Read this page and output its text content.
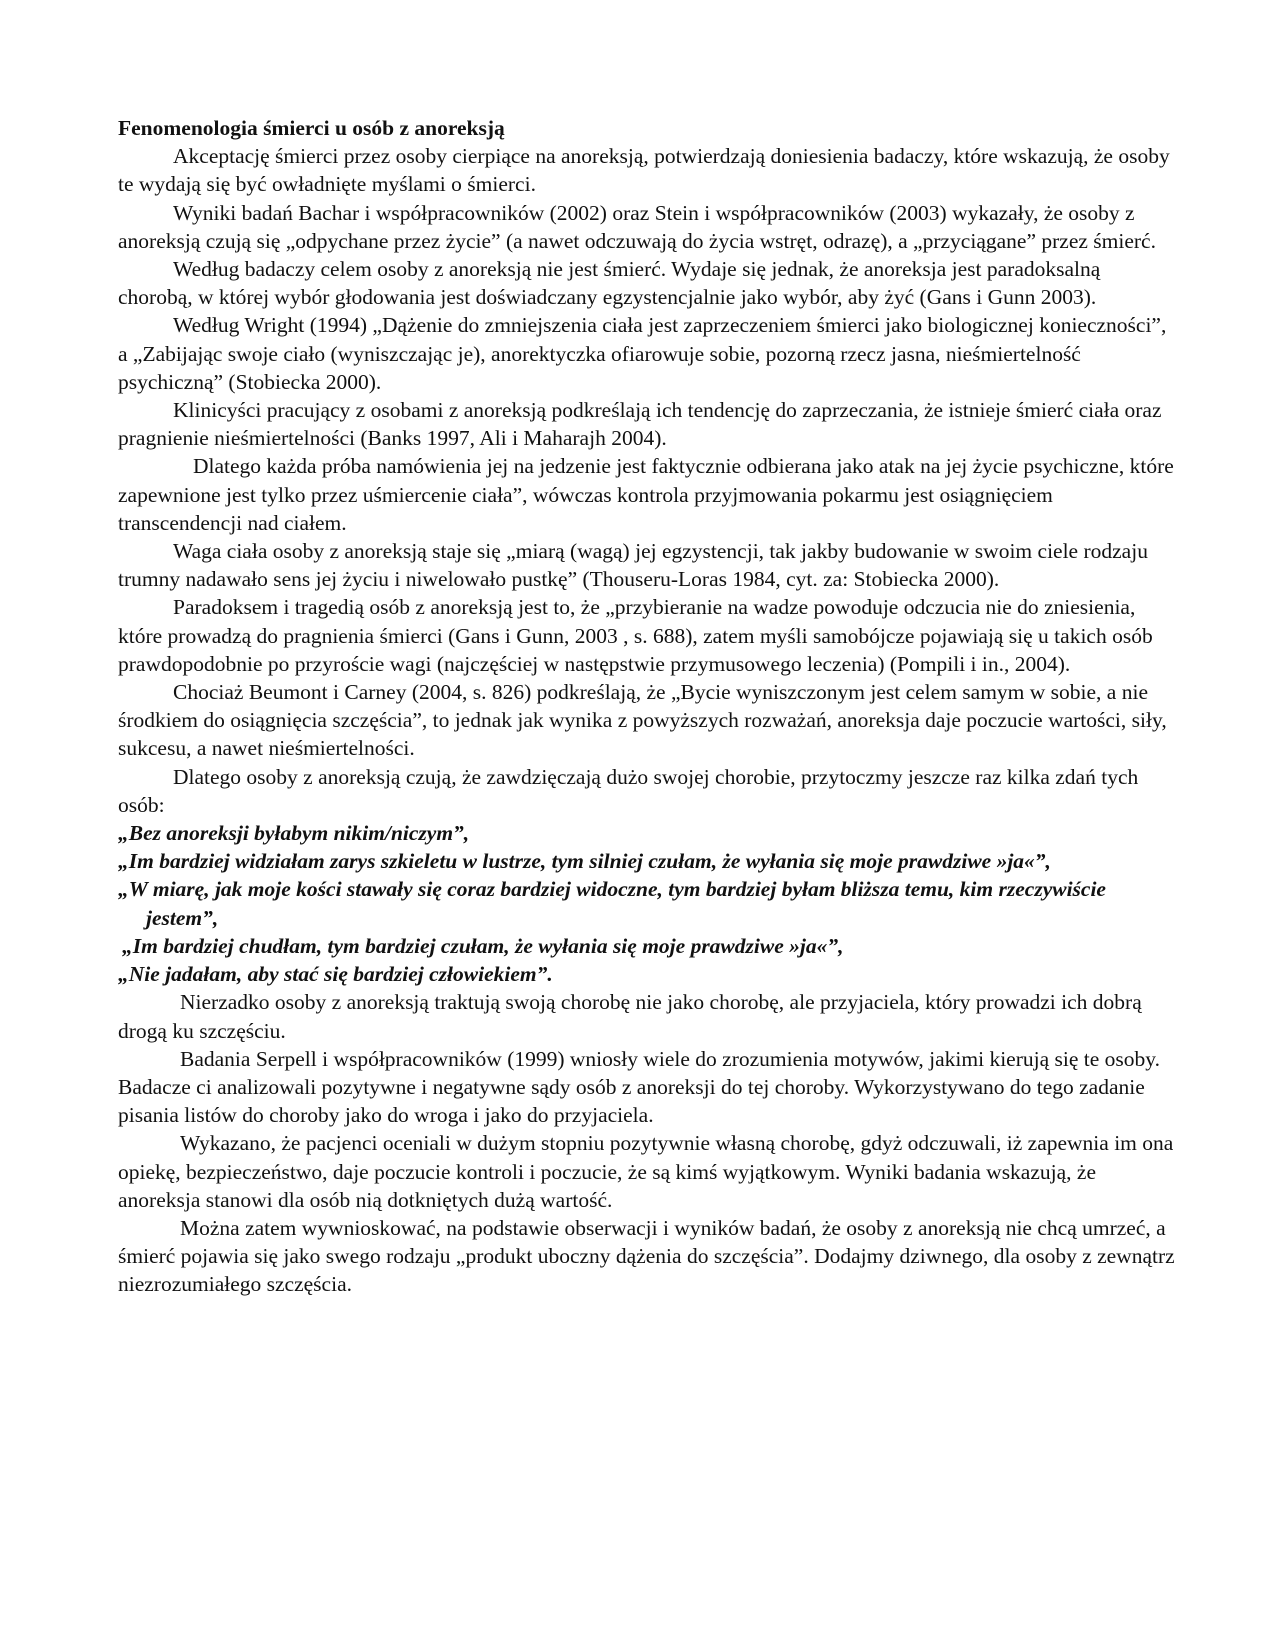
Fenomenologia śmierci u osób z anoreksją

Akceptację śmierci przez osoby cierpiące na anoreksją, potwierdzają doniesienia badaczy, które wskazują, że osoby te wydają się być owładnięte myślami o śmierci.

Wyniki badań Bachar i współpracowników (2002) oraz Stein i współpracowników (2003) wykazały, że osoby z anoreksją czują się „odpychane przez życie” (a nawet odczuwają do życia wstręt, odrazę), a „przyciągane” przez śmierć.

Według badaczy celem osoby z anoreksją nie jest śmierć. Wydaje się jednak, że anoreksja jest paradoksalną chorobą, w której wybór głodowania jest doświadczany egzystencjalnie jako wybór, aby żyć (Gans i Gunn 2003).

Według Wright (1994) „Dążenie do zmniejszenia ciała jest zaprzeczeniem śmierci jako biologicznej konieczności”, a „Zabijając swoje ciało (wyniszczając je), anorektyczka ofiarowuje sobie, pozorną rzecz jasna, nieśmiertelność psychiczną” (Stobiecka 2000).

Klinicyści pracujący z osobami z anoreksją podkreślają ich tendencję do zaprzeczania, że istnieje śmierć ciała oraz pragnienie nieśmiertelności (Banks 1997, Ali i Maharajh 2004).

Dlatego każda próba namówienia jej na jedzenie jest faktycznie odbierana jako atak na jej życie psychiczne, które zapewnione jest tylko przez uśmiercenie ciała”, wówczas kontrola przyjmowania pokarmu jest osiągnięciem transcendencji nad ciałem.

Waga ciała osoby z anoreksją staje się „miarą (wagą) jej egzystencji, tak jakby budowanie w swoim ciele rodzaju trumny nadawało sens jej życiu i niwelowało pustkę” (Thouseru-Loras 1984, cyt. za: Stobiecka 2000).

Paradoksem i tragedią osób z anoreksją jest to, że „przybieranie na wadze powoduje odczucia nie do zniesienia, które prowadzą do pragnienia śmierci (Gans i Gunn, 2003 , s. 688), zatem myśli samobójcze pojawiają się u takich osób prawdopodobnie po przyroście wagi (najczęściej w następstwie przymusowego leczenia) (Pompili i in., 2004).

Chociaż Beumont i Carney (2004, s. 826) podkreślają, że „Bycie wyniszczonym jest celem samym w sobie, a nie środkiem do osiągnięcia szczęścia”, to jednak jak wynika z powyższych rozważań, anoreksja daje poczucie wartości, siły, sukcesu, a nawet nieśmiertelności.

Dlatego osoby z anoreksją czują, że zawdzięczają dużo swojej chorobie, przytoczmy jeszcze raz kilka zdań tych osób:

„Bez anoreksji byłabym nikim/niczym”,

„Im bardziej widziałam zarys szkieletu w lustrze, tym silniej czułam, że wyłania się moje prawdziwe »ja«”,

„W miarę, jak moje kości stawały się coraz bardziej widoczne, tym bardziej byłam bliższa temu, kim rzeczywiście jestem”,

„Im bardziej chudłam, tym bardziej czułam, że wyłania się moje prawdziwe »ja«”,

„Nie jadałam, aby stać się bardziej człowiekiem”.

Nierzadko osoby z anoreksją traktują swoją chorobę nie jako chorobę, ale przyjaciela, który prowadzi ich dobrą drogą ku szczęściu.

Badania Serpell i współpracowników (1999) wniosły wiele do zrozumienia motywów, jakimi kierują się te osoby. Badacze ci analizowali pozytywne i negatywne sądy osób z anoreksji do tej choroby. Wykorzystywano do tego zadanie pisania listów do choroby jako do wroga i jako do przyjaciela.

Wykazano, że pacjenci oceniali w dużym stopniu pozytywnie własną chorobę, gdyż odczuwali, iż zapewnia im ona opiekę, bezpieczeństwo, daje poczucie kontroli i poczucie, że są kimś wyjątkowym. Wyniki badania wskazują, że anoreksja stanowi dla osób nią dotkniętych dużą wartość.

Można zatem wywnioskować, na podstawie obserwacji i wyników badań, że osoby z anoreksją nie chcą umrzeć, a śmierć pojawia się jako swego rodzaju „produkt uboczny dążenia do szczęścia”. Dodajmy dziwnego, dla osoby z zewnątrz niezrozumiałego szczęścia.
